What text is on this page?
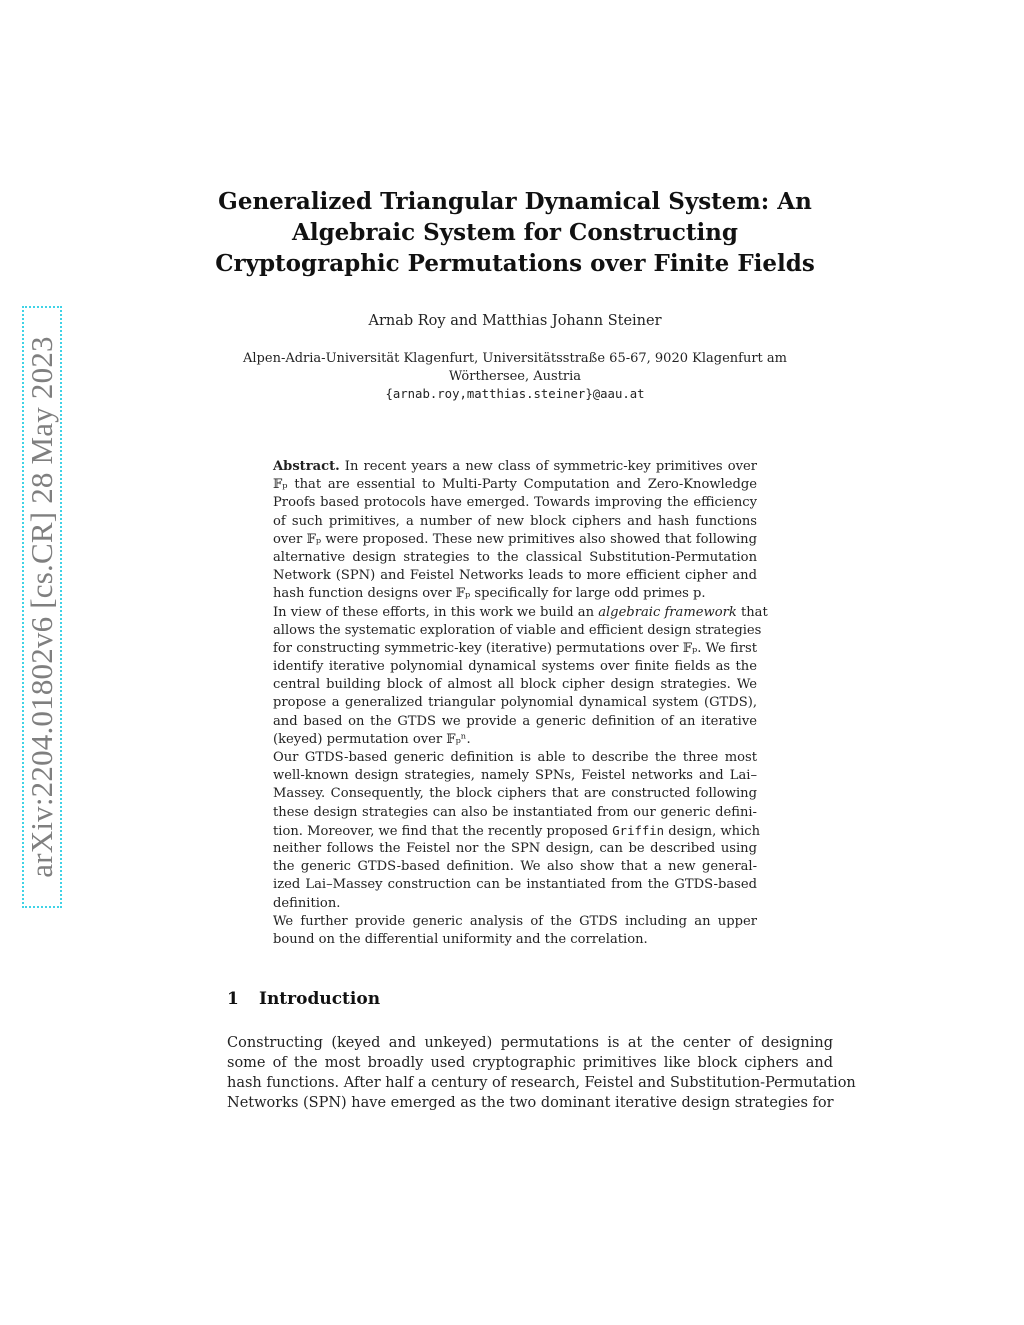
arXiv:2204.01802v6 [cs.CR] 28 May 2023
Generalized Triangular Dynamical System: An
Algebraic System for Constructing
Cryptographic Permutations over Finite Fields
Arnab Roy and Matthias Johann Steiner
Alpen-Adria-Universität Klagenfurt, Universitätsstraße 65-67, 9020 Klagenfurt am
Wörthersee, Austria
{arnab.roy,matthias.steiner}@aau.at
Abstract. In recent years a new class of symmetric-key primitives over
𝔽ₚ that are essential to Multi-Party Computation and Zero-Knowledge
Proofs based protocols have emerged. Towards improving the efficiency
of such primitives, a number of new block ciphers and hash functions
over 𝔽ₚ were proposed. These new primitives also showed that following
alternative design strategies to the classical Substitution-Permutation
Network (SPN) and Feistel Networks leads to more efficient cipher and
hash function designs over 𝔽ₚ specifically for large odd primes p.
In view of these efforts, in this work we build an algebraic framework that
allows the systematic exploration of viable and efficient design strategies
for constructing symmetric-key (iterative) permutations over 𝔽ₚ. We first
identify iterative polynomial dynamical systems over finite fields as the
central building block of almost all block cipher design strategies. We
propose a generalized triangular polynomial dynamical system (GTDS),
and based on the GTDS we provide a generic definition of an iterative
(keyed) permutation over 𝔽ₚⁿ.
Our GTDS-based generic definition is able to describe the three most
well-known design strategies, namely SPNs, Feistel networks and Lai–
Massey. Consequently, the block ciphers that are constructed following
these design strategies can also be instantiated from our generic defini-
tion. Moreover, we find that the recently proposed Griffin design, which
neither follows the Feistel nor the SPN design, can be described using
the generic GTDS-based definition. We also show that a new general-
ized Lai–Massey construction can be instantiated from the GTDS-based
definition.
We further provide generic analysis of the GTDS including an upper
bound on the differential uniformity and the correlation.
1 Introduction
Constructing (keyed and unkeyed) permutations is at the center of designing
some of the most broadly used cryptographic primitives like block ciphers and
hash functions. After half a century of research, Feistel and Substitution-Permutation
Networks (SPN) have emerged as the two dominant iterative design strategies for
